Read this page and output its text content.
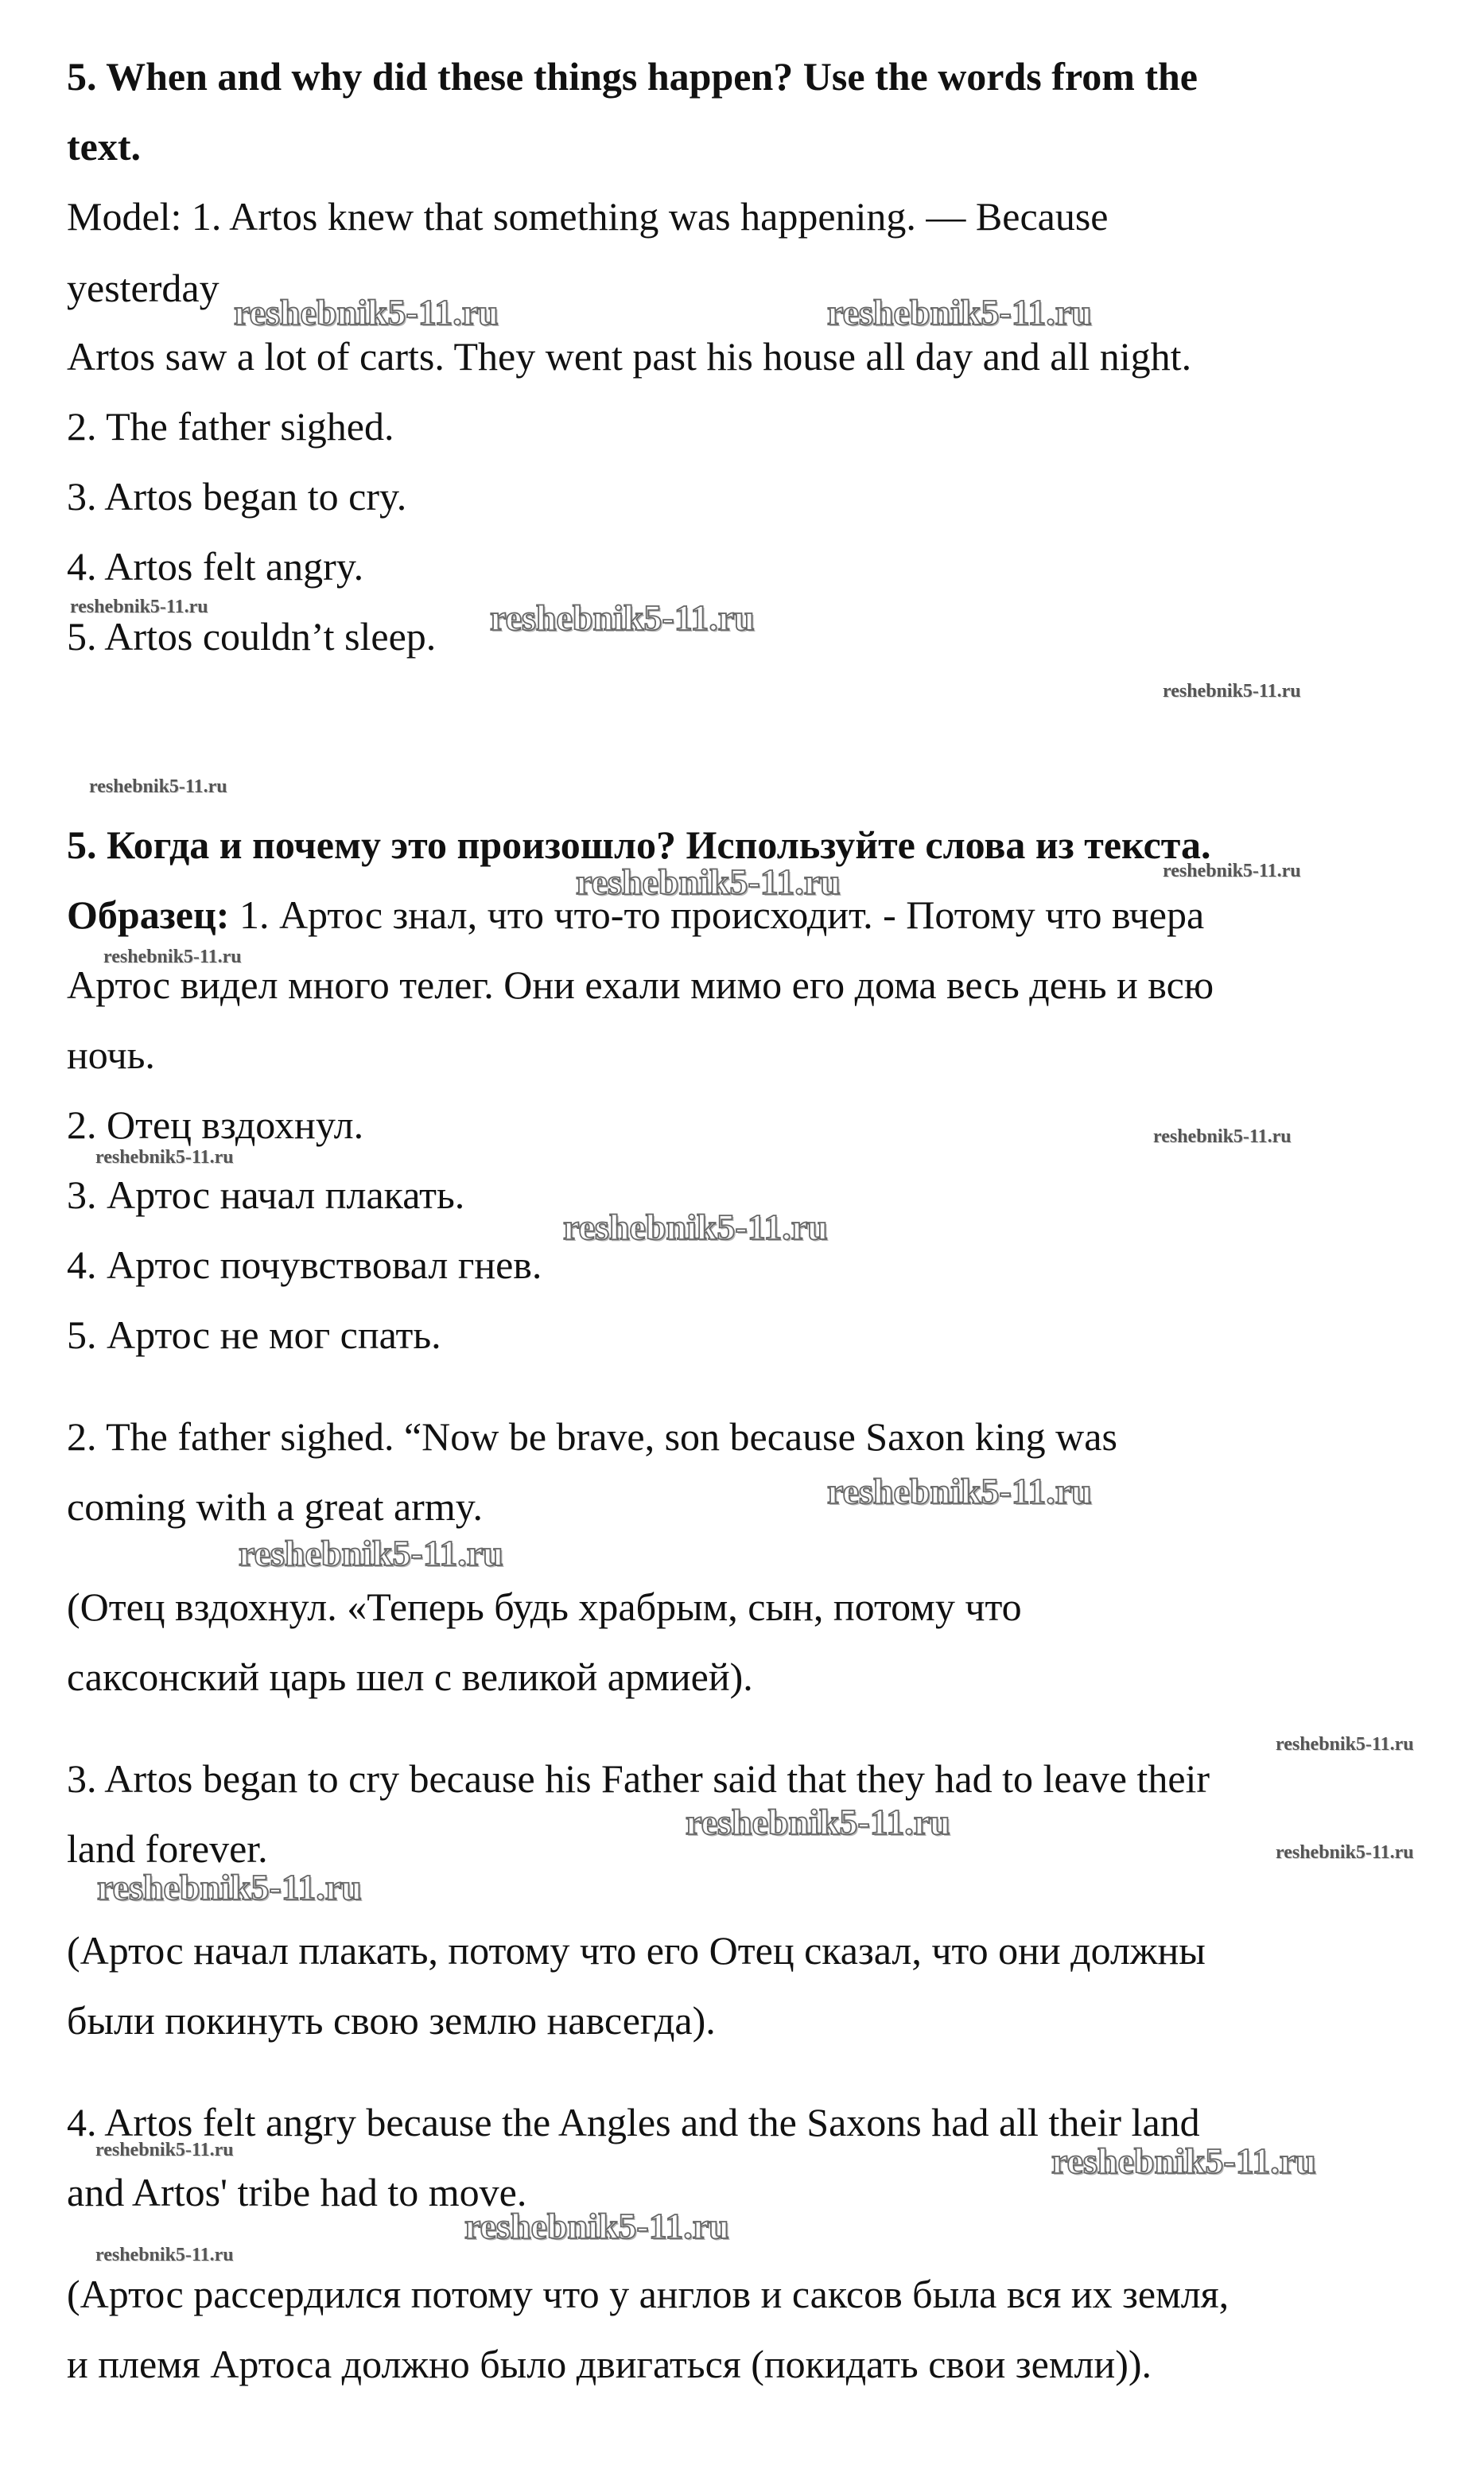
5. When and why did these things happen? Use the words from the

text.

Model: 1. Artos knew that something was happening. — Because

yesterday

Artos saw a lot of carts. They went past his house all day and all night.

2. The father sighed.

3. Artos began to cry.

4. Artos felt angry.

5. Artos couldn’t sleep.

5. Когда и почему это произошло? Используйте слова из текста.

Образец: 1. Артос знал, что что-то происходит. - Потому что вчера

Артос видел много телег. Они ехали мимо его дома весь день и всю

ночь.

2. Отец вздохнул.

3. Артос начал плакать.

4. Артос почувствовал гнев.

5. Артос не мог спать.

2. The father sighed. “Now be brave, son because Saxon king was

coming with a great army.

(Отец вздохнул. «Теперь будь храбрым, сын, потому что

саксонский царь шел с великой армией).

3. Artos began to cry because his Father said that they had to leave their

land forever.

(Артос начал плакать, потому что его Отец сказал, что они должны

были покинуть свою землю навсегда).

4. Artos felt angry because the Angles and the Saxons had all their land

and Artos' tribe had to move.

(Артос рассердился потому что у англов и саксов была вся их земля,

и племя Артоса должно было двигаться (покидать свои земли)).

reshebnik5-11.ru	reshebnik5-11.ru
reshebnik5-11.ru	reshebnik5-11.ru
reshebnik5-11.ru
reshebnik5-11.ru
reshebnik5-11.ru	reshebnik5-11.ru
reshebnik5-11.ru
reshebnik5-11.ru
reshebnik5-11.ru
reshebnik5-11.ru
reshebnik5-11.ru
reshebnik5-11.ru
reshebnik5-11.ru
reshebnik5-11.ru
reshebnik5-11.ru
reshebnik5-11.ru
reshebnik5-11.ru	reshebnik5-11.ru
reshebnik5-11.ru
reshebnik5-11.ru
